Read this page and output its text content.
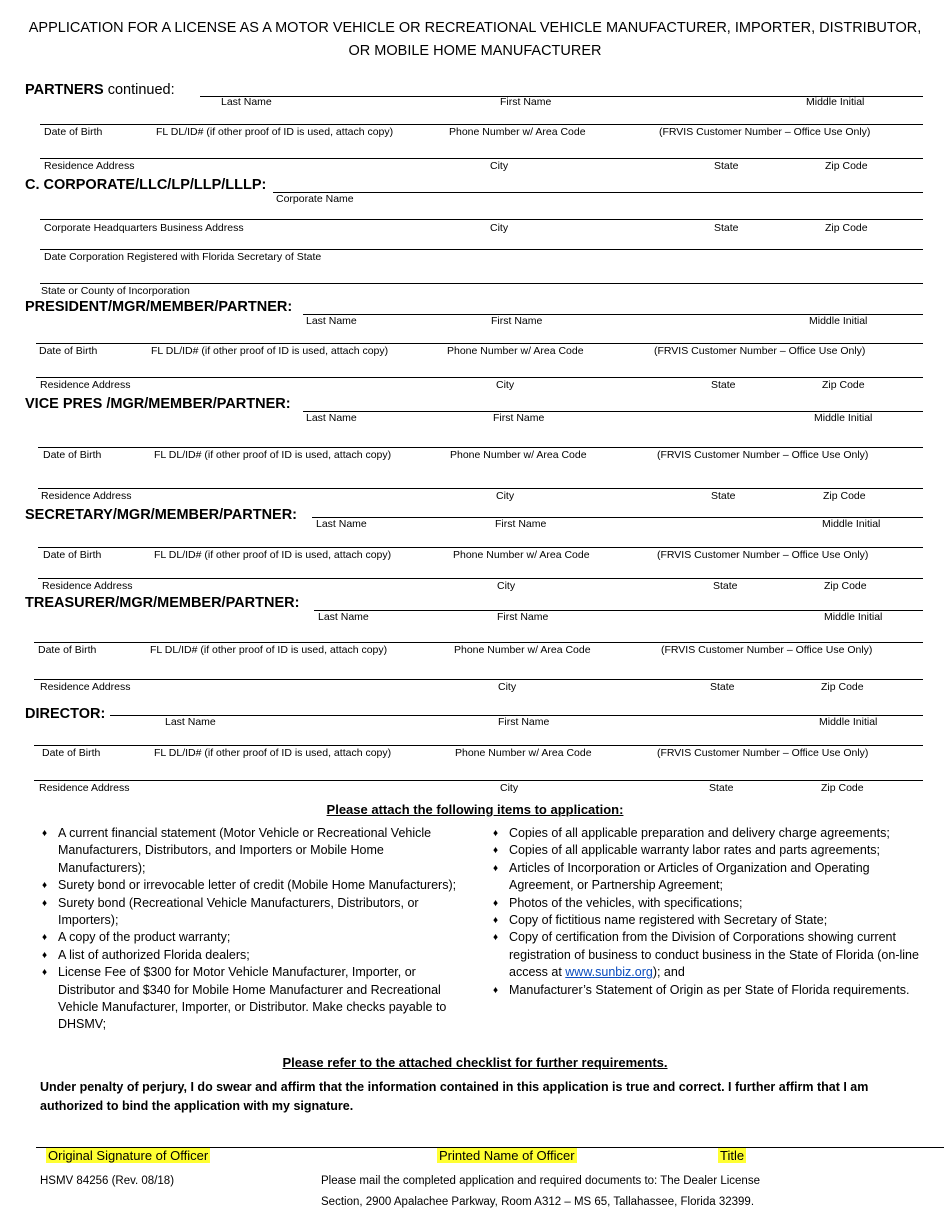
APPLICATION FOR A LICENSE AS A MOTOR VEHICLE OR RECREATIONAL VEHICLE MANUFACTURER, IMPORTER, DISTRIBUTOR,
OR MOBILE HOME MANUFACTURER
PARTNERS continued:
Last Name	First Name	Middle Initial
Date of Birth	FL DL/ID# (if other proof of ID is used, attach copy)	Phone Number w/ Area Code	(FRVIS Customer Number – Office Use Only)
Residence Address	City	State	Zip Code
C. CORPORATE/LLC/LP/LLP/LLLP:
Corporate Name
Corporate Headquarters Business Address	City	State	Zip Code
Date Corporation Registered with Florida Secretary of State
State or County of Incorporation
PRESIDENT/MGR/MEMBER/PARTNER:
Last Name	First Name	Middle Initial
Date of Birth	FL DL/ID# (if other proof of ID is used, attach copy)	Phone Number w/ Area Code	(FRVIS Customer Number – Office Use Only)
Residence Address	City	State	Zip Code
VICE PRES /MGR/MEMBER/PARTNER:
Last Name	First Name	Middle Initial
Date of Birth	FL DL/ID# (if other proof of ID is used, attach copy)	Phone Number w/ Area Code	(FRVIS Customer Number – Office Use Only)
Residence Address	City	State	Zip Code
SECRETARY/MGR/MEMBER/PARTNER:
Last Name	First Name	Middle Initial
Date of Birth	FL DL/ID# (if other proof of ID is used, attach copy)	Phone Number w/ Area Code	(FRVIS Customer Number – Office Use Only)
Residence Address	City	State	Zip Code
TREASURER/MGR/MEMBER/PARTNER:
Last Name	First Name	Middle Initial
Date of Birth	FL DL/ID# (if other proof of ID is used, attach copy)	Phone Number w/ Area Code	(FRVIS Customer Number – Office Use Only)
Residence Address	City	State	Zip Code
DIRECTOR:	Last Name	First Name	Middle Initial
Date of Birth	FL DL/ID# (if other proof of ID is used, attach copy)	Phone Number w/ Area Code	(FRVIS Customer Number – Office Use Only)
Residence Address	City	State	Zip Code
Please attach the following items to application:
♦ A current financial statement (Motor Vehicle or Recreational Vehicle Manufacturers, Distributors, and Importers or Mobile Home Manufacturers);
♦ Surety bond or irrevocable letter of credit (Mobile Home Manufacturers);
♦ Surety bond (Recreational Vehicle Manufacturers, Distributors, or Importers);
♦ A copy of the product warranty;
♦ A list of authorized Florida dealers;
♦ License Fee of $300 for Motor Vehicle Manufacturer, Importer, or Distributor and $340 for Mobile Home Manufacturer and Recreational Vehicle Manufacturer, Importer, or Distributor. Make checks payable to DHSMV;
♦ Copies of all applicable preparation and delivery charge agreements;
♦ Copies of all applicable warranty labor rates and parts agreements;
♦ Articles of Incorporation or Articles of Organization and Operating Agreement, or Partnership Agreement;
♦ Photos of the vehicles, with specifications;
♦ Copy of fictitious name registered with Secretary of State;
♦ Copy of certification from the Division of Corporations showing current registration of business to conduct business in the State of Florida (on-line access at www.sunbiz.org); and
♦ Manufacturer’s Statement of Origin as per State of Florida requirements.
Please refer to the attached checklist for further requirements.
Under penalty of perjury, I do swear and affirm that the information contained in this application is true and correct. I further affirm that I am authorized to bind the application with my signature.
Original Signature of Officer	Printed Name of Officer	Title
HSMV 84256 (Rev. 08/18)	Please mail the completed application and required documents to: The Dealer License
Section, 2900 Apalachee Parkway, Room A312 – MS 65, Tallahassee, Florida 32399.
